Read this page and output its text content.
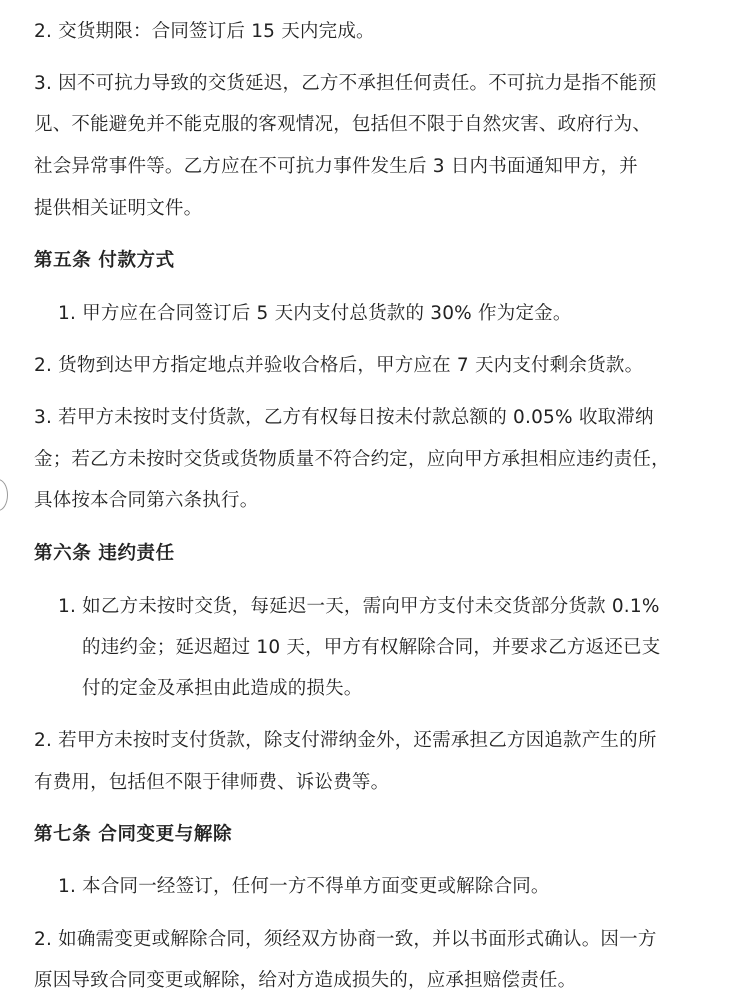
2. 交货期限：合同签订后 15 天内完成。
3. 因不可抗力导致的交货延迟，乙方不承担任何责任。不可抗力是指不能预
见、不能避免并不能克服的客观情况，包括但不限于自然灾害、政府行为、
社会异常事件等。乙方应在不可抗力事件发生后 3 日内书面通知甲方，并
提供相关证明文件。
第五条 付款方式
1. 甲方应在合同签订后 5 天内支付总货款的 30% 作为定金。
2. 货物到达甲方指定地点并验收合格后，甲方应在 7 天内支付剩余货款。
3. 若甲方未按时支付货款，乙方有权每日按未付款总额的 0.05% 收取滞纳
金；若乙方未按时交货或货物质量不符合约定，应向甲方承担相应违约责任，
具体按本合同第六条执行。
第六条 违约责任
1. 如乙方未按时交货，每延迟一天，需向甲方支付未交货部分货款 0.1%
的违约金；延迟超过 10 天，甲方有权解除合同，并要求乙方返还已支
付的定金及承担由此造成的损失。
2. 若甲方未按时支付货款，除支付滞纳金外，还需承担乙方因追款产生的所
有费用，包括但不限于律师费、诉讼费等。
第七条 合同变更与解除
1. 本合同一经签订，任何一方不得单方面变更或解除合同。
2. 如确需变更或解除合同，须经双方协商一致，并以书面形式确认。因一方
原因导致合同变更或解除，给对方造成损失的，应承担赔偿责任。
